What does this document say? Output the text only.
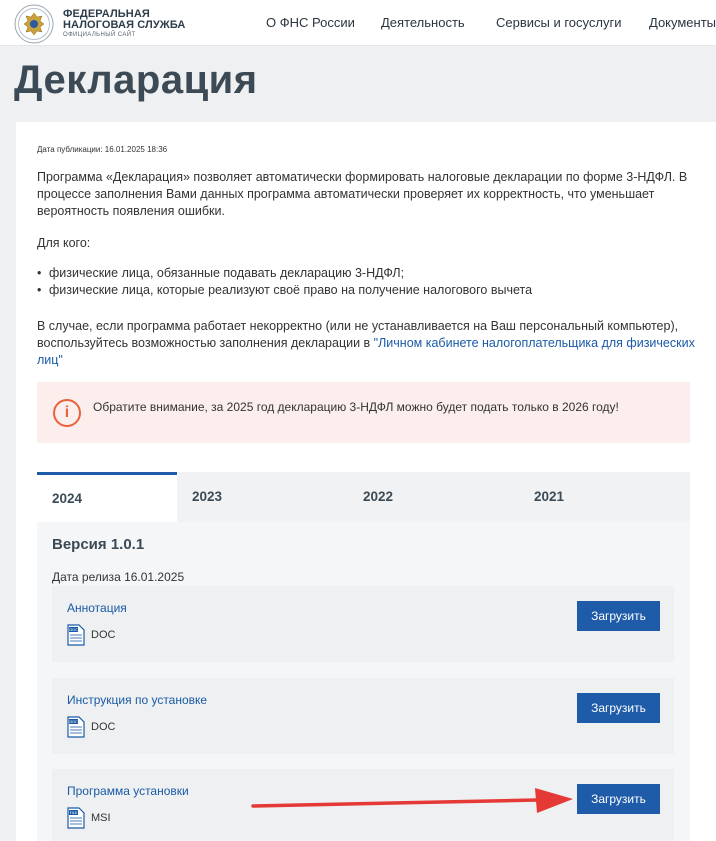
ФЕДЕРАЛЬНАЯ
НАЛОГОВАЯ СЛУЖБА
ОФИЦИАЛЬНЫЙ САЙТ
О ФНС России Деятельность Сервисы и госуслуги Документы
Декларация
Дата публикации: 16.01.2025 18:36
Программа «Декларация» позволяет автоматически формировать налоговые декларации по форме 3-НДФЛ. В процессе заполнения Вами данных программа автоматически проверяет их корректность, что уменьшает вероятность появления ошибки.
Для кого:
• физические лица, обязанные подавать декларацию 3-НДФЛ;
• физические лица, которые реализуют своё право на получение налогового вычета
В случае, если программа работает некорректно (или не устанавливается на Ваш персональный компьютер), воспользуйтесь возможностью заполнения декларации в "Личном кабинете налогоплательщика для физических лиц"
i	Обратите внимание, за 2025 год декларацию 3-НДФЛ можно будет подать только в 2026 году!
2024	2023	2022	2021
Версия 1.0.1
Дата релиза 16.01.2025
Аннотация
DOC DOC
Загрузить
Инструкция по установке
DOC DOC
Загрузить
Программа установки
FILE MSI
Загрузить
